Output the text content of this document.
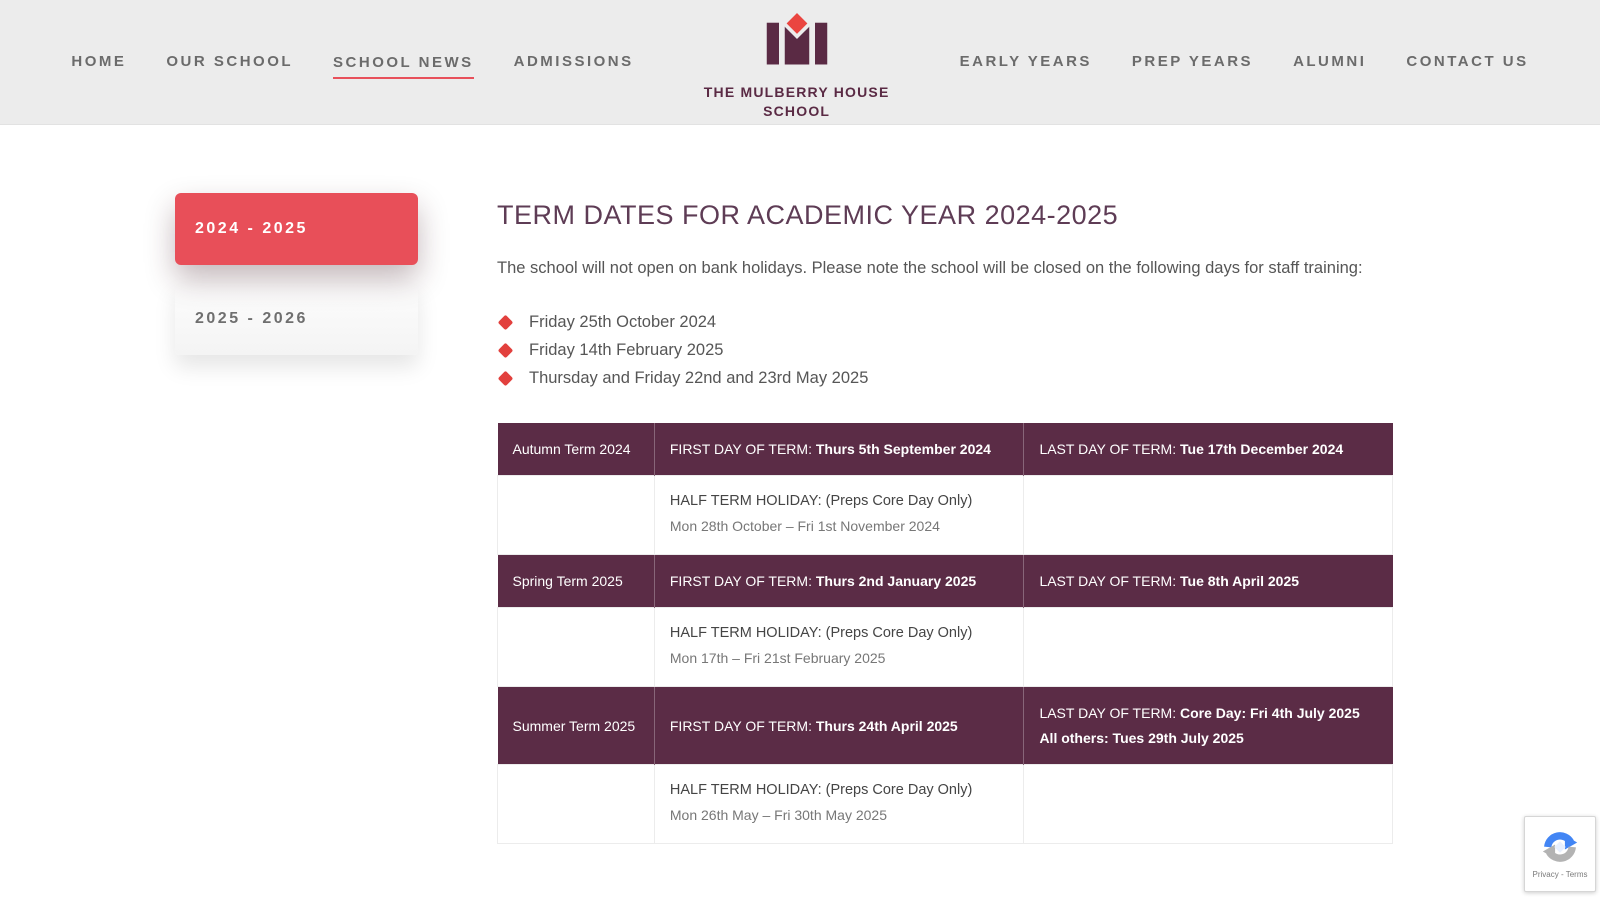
HOME	OUR SCHOOL	SCHOOL NEWS	ADMISSIONS
THE MULBERRY HOUSE
SCHOOL
EARLY YEARS	PREP YEARS	ALUMNI	CONTACT US
2024 - 2025
2025 - 2026
TERM DATES FOR ACADEMIC YEAR 2024-2025

The school will not open on bank holidays. Please note the school will be closed on the following days for staff training:

Friday 25th October 2024
Friday 14th February 2025
Thursday and Friday 22nd and 23rd May 2025
Autumn Term 2024	FIRST DAY OF TERM: Thurs 5th September 2024	LAST DAY OF TERM: Tue 17th December 2024

	HALF TERM HOLIDAY: (Preps Core Day Only)
Mon 28th October – Fri 1st November 2024	

Spring Term 2025	FIRST DAY OF TERM: Thurs 2nd January 2025	LAST DAY OF TERM: Tue 8th April 2025

	HALF TERM HOLIDAY: (Preps Core Day Only)
Mon 17th – Fri 21st February 2025	

Summer Term 2025	FIRST DAY OF TERM: Thurs 24th April 2025	LAST DAY OF TERM: Core Day: Fri 4th July 2025
All others: Tues 29th July 2025

	HALF TERM HOLIDAY: (Preps Core Day Only)
Mon 26th May – Fri 30th May 2025	

Privacy - Terms
